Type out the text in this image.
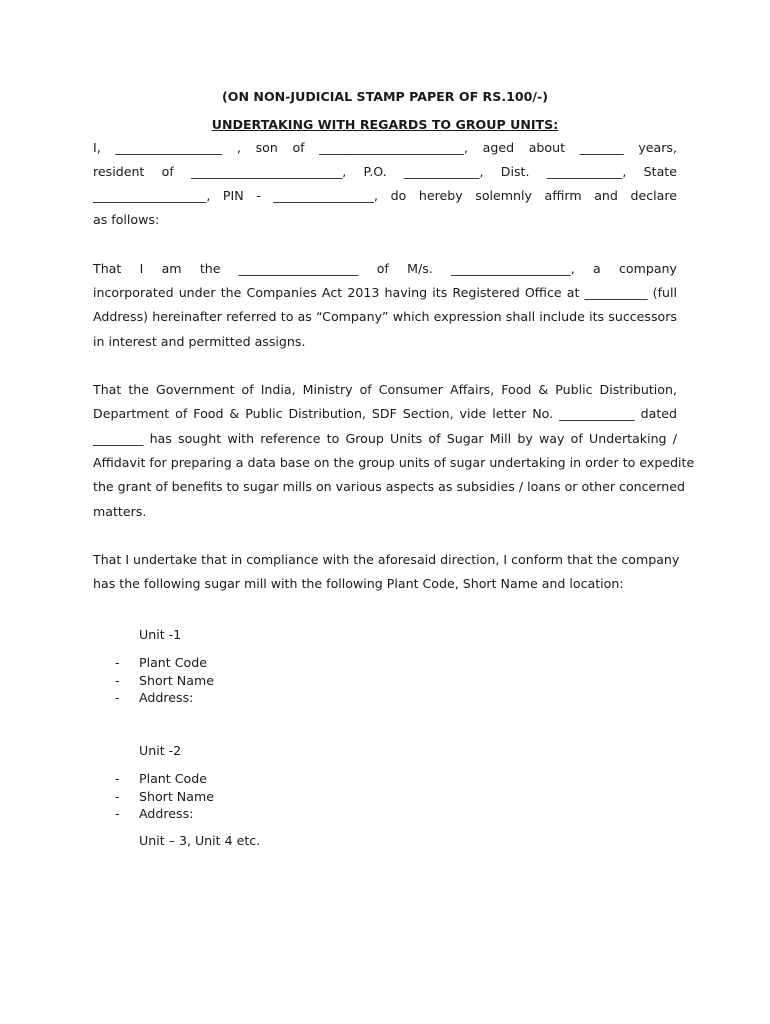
(ON NON-JUDICIAL STAMP PAPER OF RS.100/-)
UNDERTAKING WITH REGARDS TO GROUP UNITS:
I, _________________ , son of _______________________, aged about _______ years,
resident of ________________________, P.O. ____________, Dist. ____________, State
__________________, PIN - ________________, do hereby solemnly affirm and declare
as follows:
That I am the ___________________ of M/s. ___________________, a company
incorporated under the Companies Act 2013 having its Registered Office at __________ (full
Address) hereinafter referred to as “Company” which expression shall include its successors
in interest and permitted assigns.
That the Government of India, Ministry of Consumer Affairs, Food & Public Distribution,
Department of Food & Public Distribution, SDF Section, vide letter No. ____________ dated
________ has sought with reference to Group Units of Sugar Mill by way of Undertaking /
Affidavit for preparing a data base on the group units of sugar undertaking in order to expedite
the grant of benefits to sugar mills on various aspects as subsidies / loans or other concerned
matters.
That I undertake that in compliance with the aforesaid direction, I conform that the company
has the following sugar mill with the following Plant Code, Short Name and location:
Unit -1
-	Plant Code
-	Short Name
-	Address:
Unit -2
-	Plant Code
-	Short Name
-	Address:
Unit – 3, Unit 4 etc.
